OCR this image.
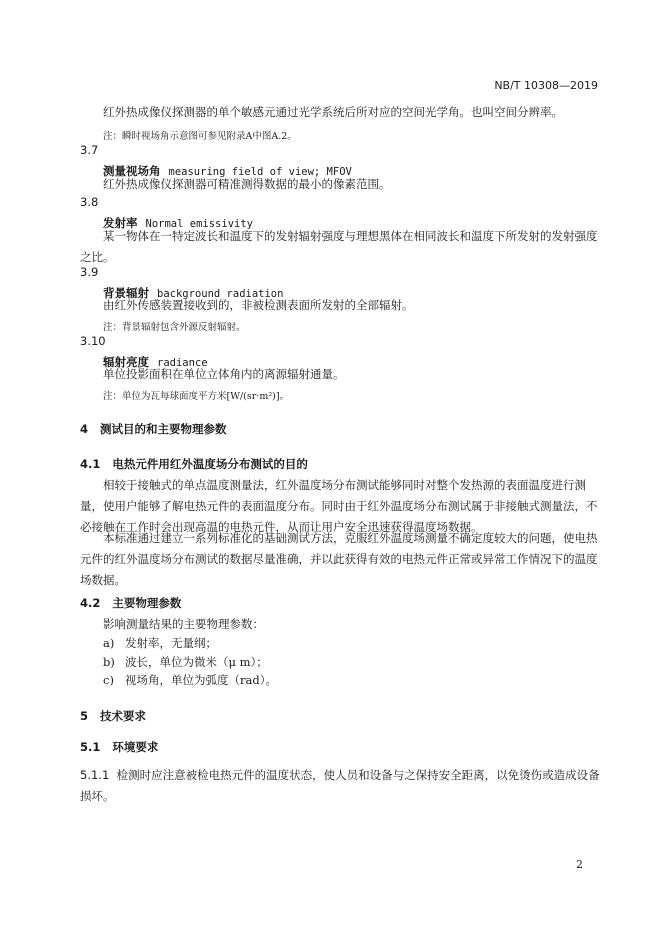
NB/T 10308—2019
红外热成像仪探测器的单个敏感元通过光学系统后所对应的空间光学角。也叫空间分辨率。
注：瞬时视场角示意图可参见附录A中图A.2。
3.7
测量视场角 measuring field of view; MFOV
红外热成像仪探测器可精准测得数据的最小的像素范围。
3.8
发射率 Normal emissivity
某一物体在一特定波长和温度下的发射辐射强度与理想黑体在相同波长和温度下所发射的发射强度之比。
3.9
背景辐射 background radiation
由红外传感装置接收到的，非被检测表面所发射的全部辐射。
注：背景辐射包含外源反射辐射。
3.10
辐射亮度 radiance
单位投影面积在单位立体角内的离源辐射通量。
注：单位为瓦每球面度平方米[W/(sr·m²)]。
4 测试目的和主要物理参数
4.1 电热元件用红外温度场分布测试的目的
相较于接触式的单点温度测量法，红外温度场分布测试能够同时对整个发热源的表面温度进行测量，使用户能够了解电热元件的表面温度分布。同时由于红外温度场分布测试属于非接触式测量法，不必接触在工作时会出现高温的电热元件，从而让用户安全迅速获得温度场数据。
本标准通过建立一系列标准化的基础测试方法，克服红外温度场测量不确定度较大的问题，使电热元件的红外温度场分布测试的数据尽量准确，并以此获得有效的电热元件正常或异常工作情况下的温度场数据。
4.2 主要物理参数
影响测量结果的主要物理参数：
a) 发射率，无量纲；
b) 波长，单位为微米（μ m）；
c) 视场角，单位为弧度（rad）。
5 技术要求
5.1 环境要求
5.1.1 检测时应注意被检电热元件的温度状态，使人员和设备与之保持安全距离，以免烫伤或造成设备损坏。
2
